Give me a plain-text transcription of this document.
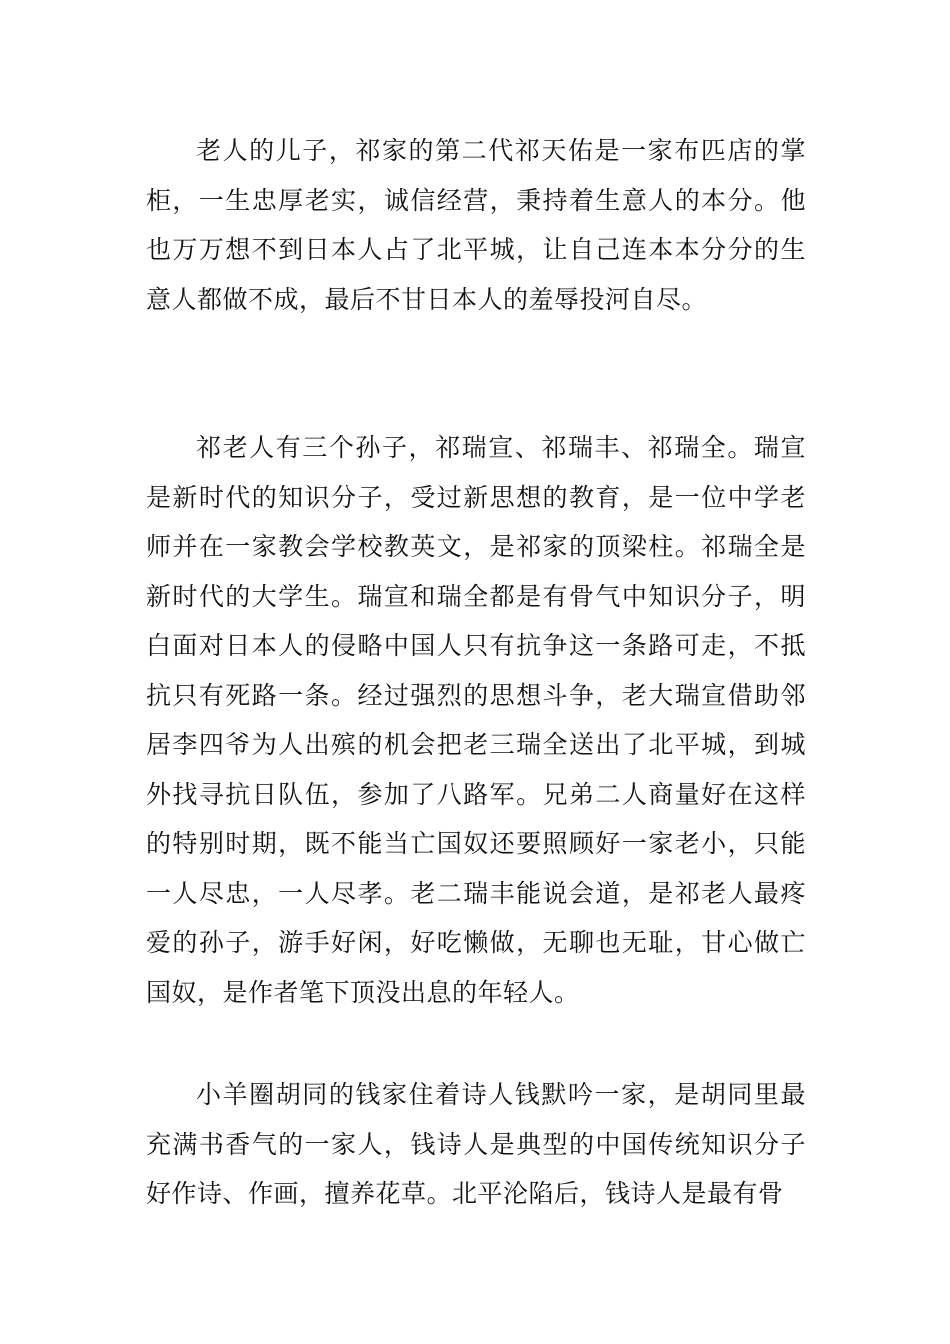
老人的儿子，祁家的第二代祁天佑是一家布匹店的掌柜，一生忠厚老实，诚信经营，秉持着生意人的本分。他也万万想不到日本人占了北平城，让自己连本本分分的生意人都做不成，最后不甘日本人的羞辱投河自尽。

祁老人有三个孙子，祁瑞宣、祁瑞丰、祁瑞全。瑞宣是新时代的知识分子，受过新思想的教育，是一位中学老师并在一家教会学校教英文，是祁家的顶梁柱。祁瑞全是新时代的大学生。瑞宣和瑞全都是有骨气中知识分子，明白面对日本人的侵略中国人只有抗争这一条路可走，不抵抗只有死路一条。经过强烈的思想斗争，老大瑞宣借助邻居李四爷为人出殡的机会把老三瑞全送出了北平城，到城外找寻抗日队伍，参加了八路军。兄弟二人商量好在这样的特别时期，既不能当亡国奴还要照顾好一家老小，只能一人尽忠，一人尽孝。老二瑞丰能说会道，是祁老人最疼爱的孙子，游手好闲，好吃懒做，无聊也无耻，甘心做亡国奴，是作者笔下顶没出息的年轻人。

小羊圈胡同的钱家住着诗人钱默吟一家，是胡同里最充满书香气的一家人，钱诗人是典型的中国传统知识分子好作诗、作画，擅养花草。北平沦陷后，钱诗人是最有骨
